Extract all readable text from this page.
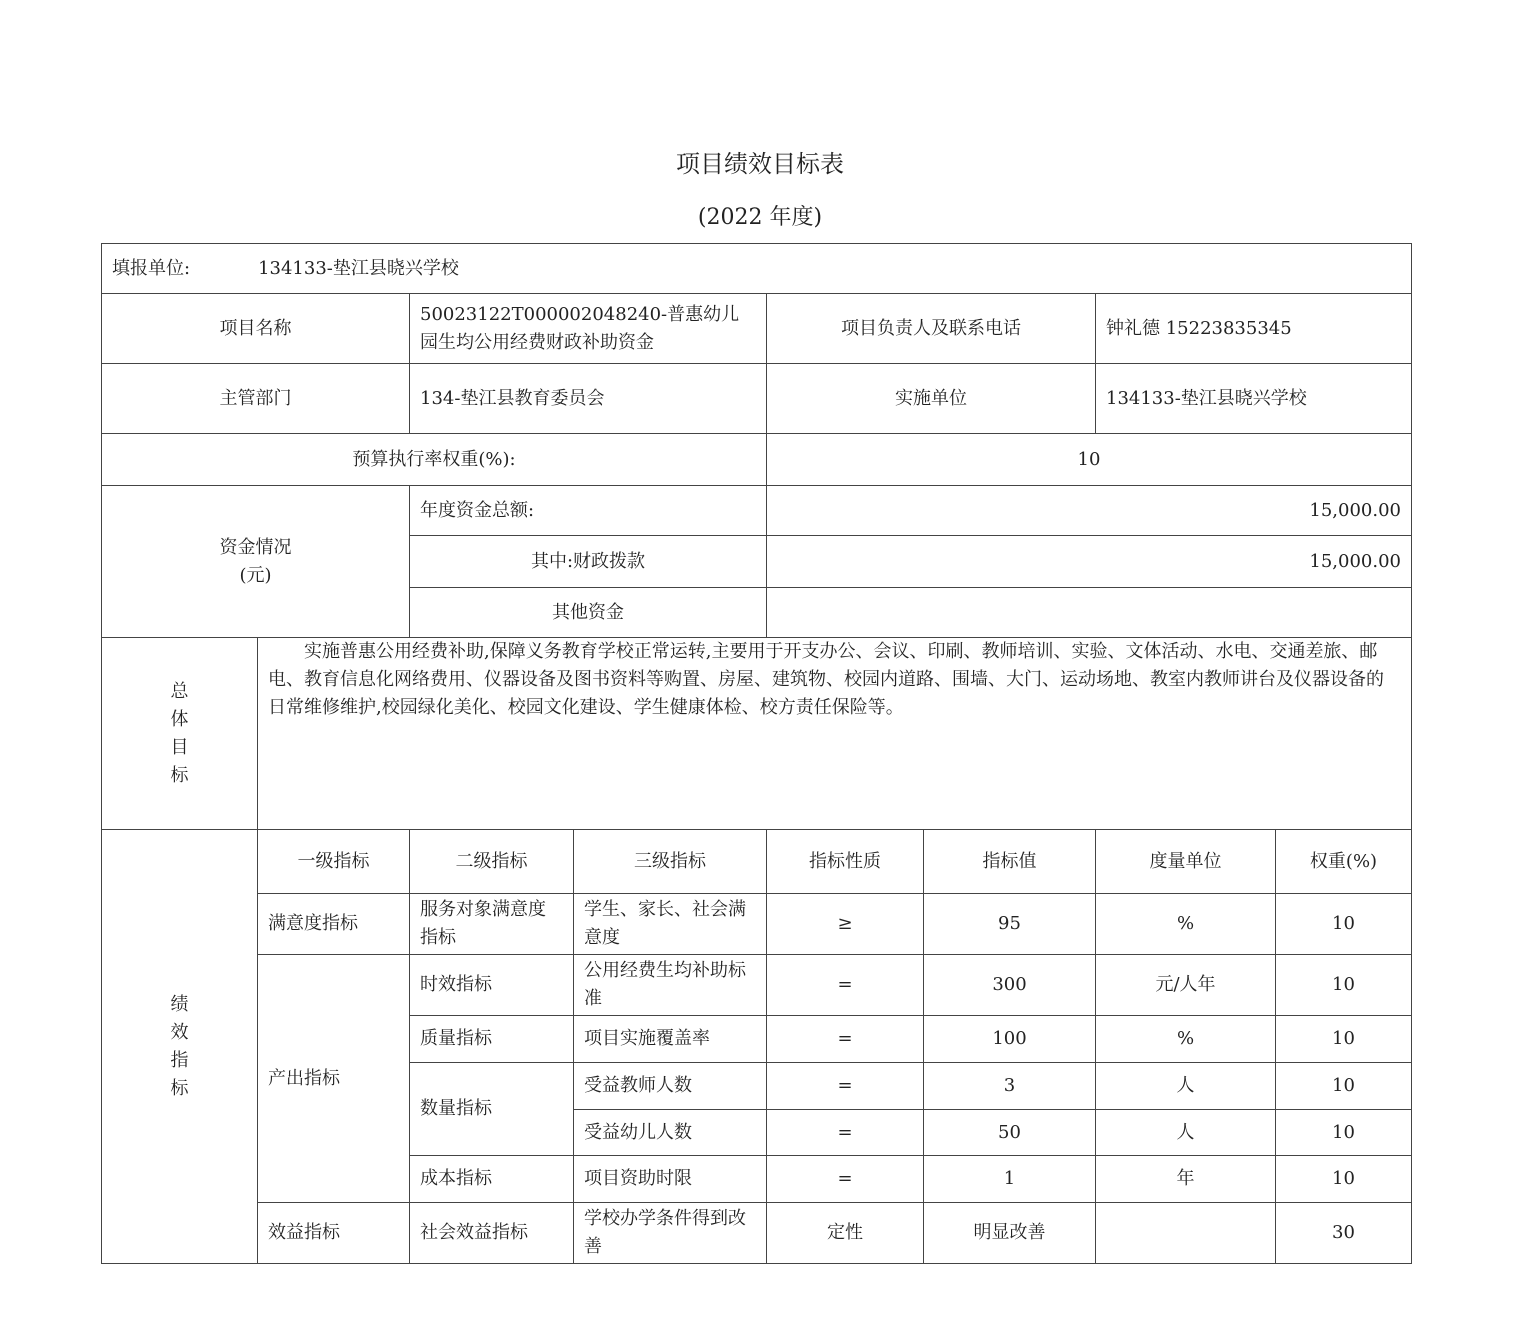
项目绩效目标表
(2022 年度)
填报单位: 134133-垫江县晓兴学校							
项目名称		50023122T000002048240-普惠幼儿园生均公用经费财政补助资金		项目负责人及联系电话		钟礼德 15223835345	
主管部门		134-垫江县教育委员会		实施单位		134133-垫江县晓兴学校	
预算执行率权重(%):				10			

资金情况
(元)		年度资金总额:		15,000.00			
		其中:财政拨款		15,000.00			
		其他资金					

总
体
目
标	实施普惠公用经费补助,保障义务教育学校正常运转,主要用于开支办公、会议、印刷、教师培训、实验、文体活动、水电、交通差旅、邮电、教育信息化网络费用、仪器设备及图书资料等购置、房屋、建筑物、校园内道路、围墙、大门、运动场地、教室内教师讲台及仪器设备的日常维修维护,校园绿化美化、校园文化建设、学生健康体检、校方责任保险等。						

绩
效
指
标	一级指标	二级指标	三级指标	指标性质	指标值	度量单位	权重(%)
	满意度指标	服务对象满意度指标	学生、家长、社会满意度	≥	95	%	10
	产出指标	时效指标	公用经费生均补助标准	=	300	元/人年	10
		质量指标	项目实施覆盖率	=	100	%	10
		数量指标	受益教师人数	=	3	人	10
			受益幼儿人数	=	50	人	10
		成本指标	项目资助时限	=	1	年	10
	效益指标	社会效益指标	学校办学条件得到改善	定性	明显改善		30
